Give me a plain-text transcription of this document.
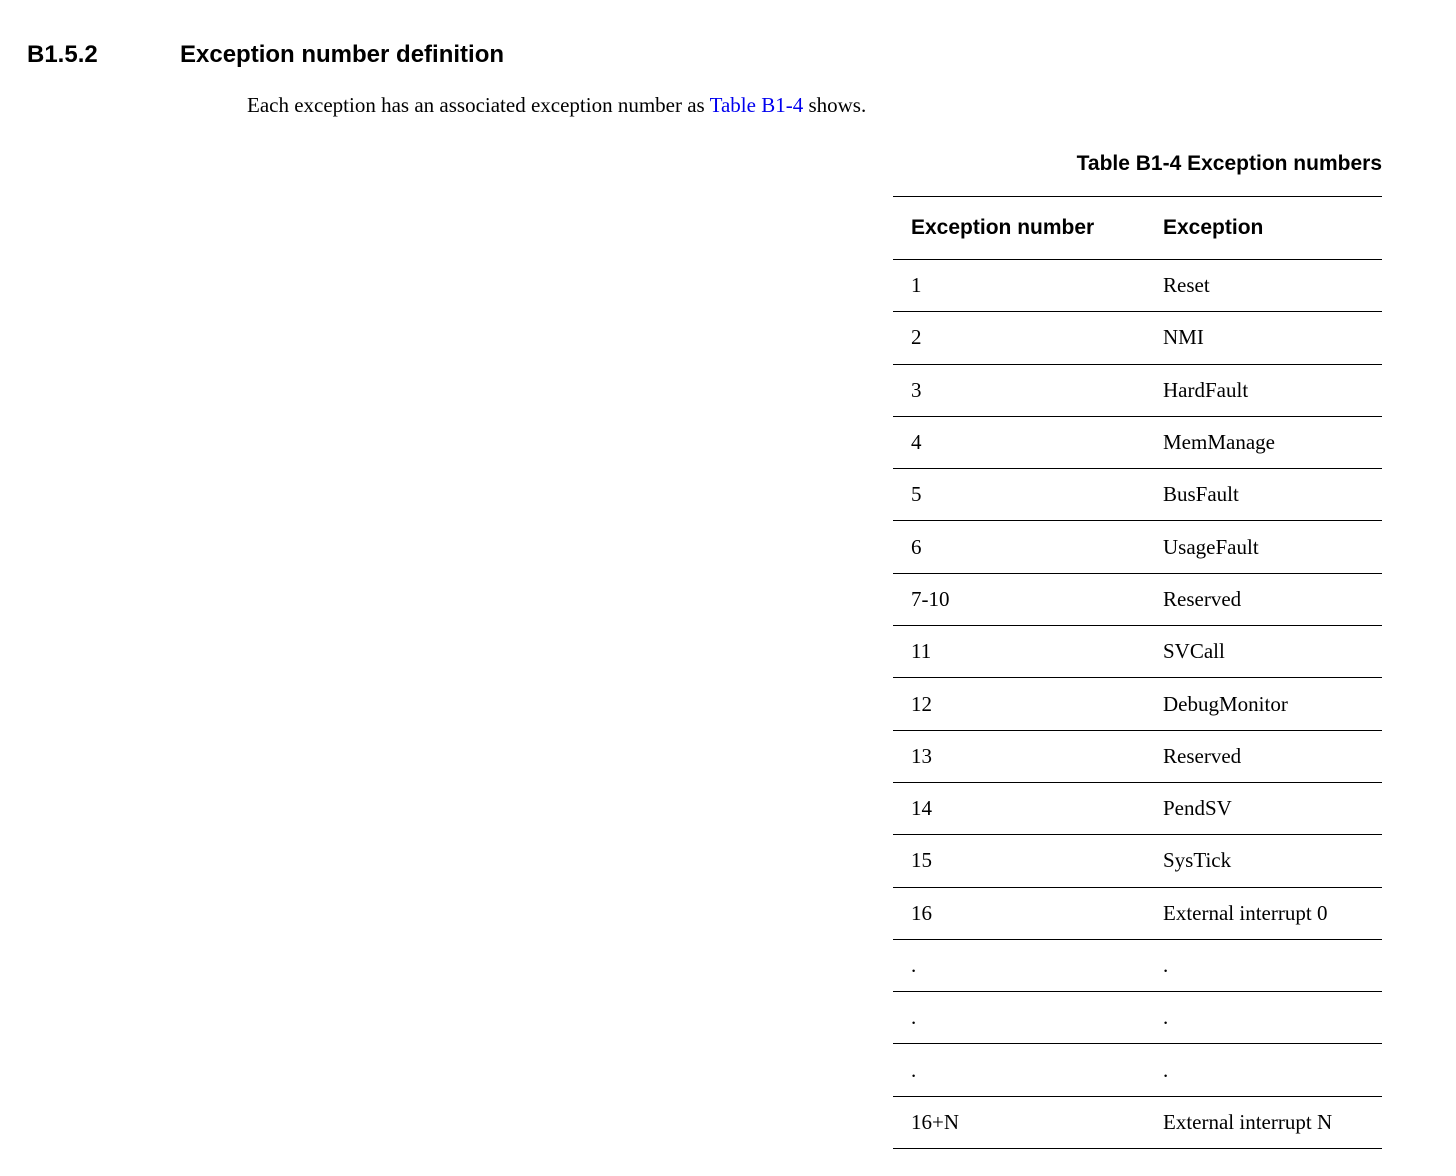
B1.5.2	Exception number definition

Each exception has an associated exception number as Table B1-4 shows.

Table B1-4 Exception numbers
Exception number	Exception
1	Reset
2	NMI
3	HardFault
4	MemManage
5	BusFault
6	UsageFault
7-10	Reserved
11	SVCall
12	DebugMonitor
13	Reserved
14	PendSV
15	SysTick
16	External interrupt 0
.	.
.	.
.	.
16+N	External interrupt N
